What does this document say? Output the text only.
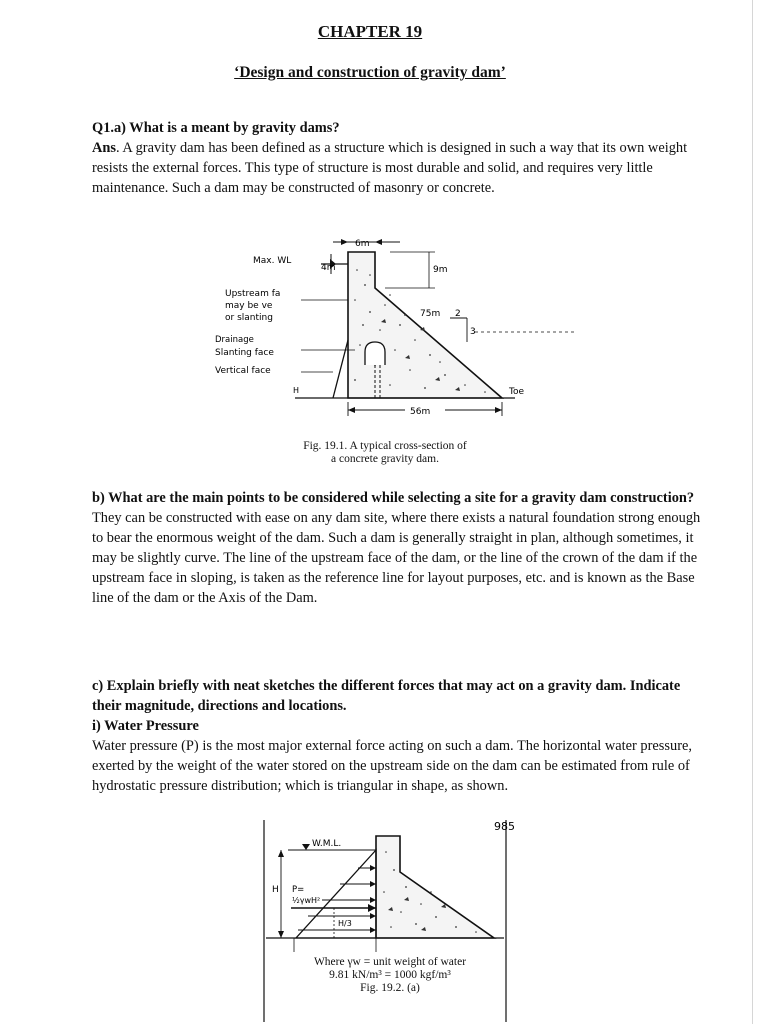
CHAPTER 19
‘Design and construction of gravity dam’
Q1.a) What is a meant by gravity dams?
Ans. A gravity dam has been defined as a structure which is designed in such a way that its own weight resists the external forces. This type of structure is most durable and solid, and requires very little maintenance. Such a dam may be constructed of masonry or concrete.
Max. WL
6m
4m	9m
75m 2
3
Upstream fa
may be ve
or slanting
Drainage
Slanting face
Vertical face
H	Toe
56m
Fig. 19.1. A typical cross-section of
a concrete gravity dam.
b) What are the main points to be considered while selecting a site for a gravity dam construction?
They can be constructed with ease on any dam site, where there exists a natural foundation strong enough to bear the enormous weight of the dam. Such a dam is generally straight in plan, although sometimes, it may be slightly curve. The line of the upstream face of the dam, or the line of the crown of the dam if the upstream face in sloping, is taken as the reference line for layout purposes, etc. and is known as the Base line of the dam or the Axis of the Dam.
c) Explain briefly with neat sketches the different forces that may act on a gravity dam. Indicate their magnitude, directions and locations.
i) Water Pressure
Water pressure (P) is the most major external force acting on such a dam. The horizontal water pressure, exerted by the weight of the water stored on the upstream side on the dam can be estimated from rule of hydrostatic pressure distribution; which is triangular in shape, as shown.
985
W.M.L.
H P=
½γwH²
H/3
Where γw = unit weight of water
9.81 kN/m³ = 1000 kgf/m³
Fig. 19.2. (a)
